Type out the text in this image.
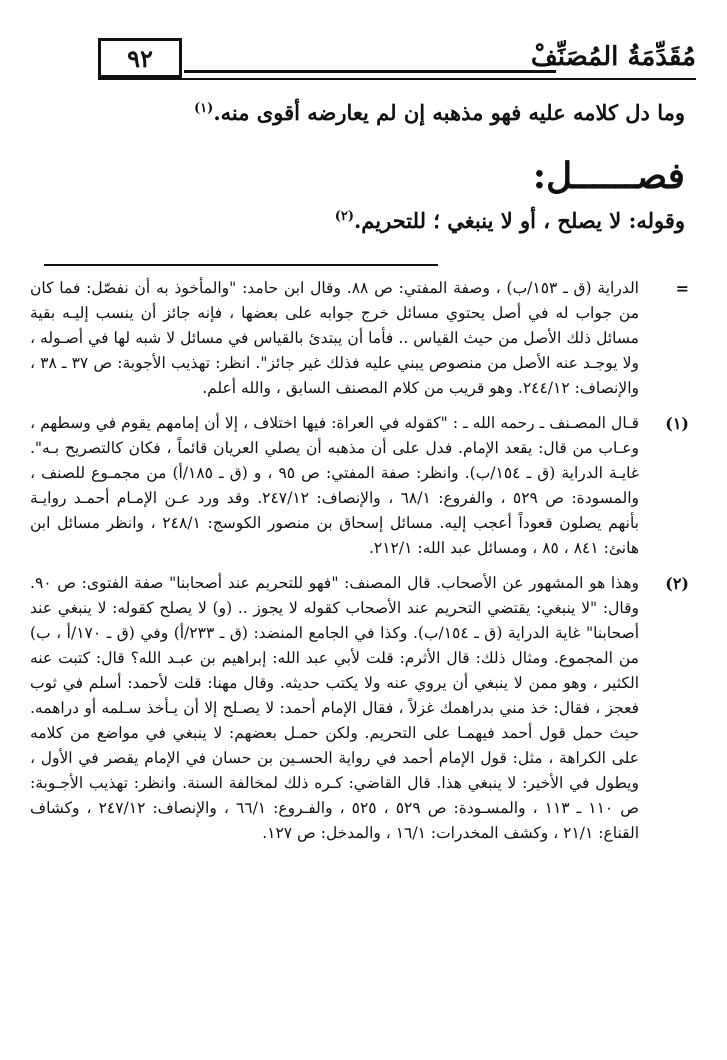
٩٢	مُقَدِّمَةُ المُصَنِّفْ
وما دل كلامه عليه فهو مذهبه إن لم يعارضه أقوى منه.$^{(١)}$
فصــــــل:
وقوله: لا يصلح ، أو لا ينبغي ؛ للتحريم.$^{(٢)}$
=
الدراية (ق ـ ١٥٣/ب) ، وصفة المفتي: ص ٨٨. وقال ابن حامد: "والمأخوذ به أن نفصّل: فما كان من جواب له في أصل يحتوي مسائل خرج جوابه على بعضها ، فإنه جائز أن ينسب إليـه بقية مسائل ذلك الأصل من حيث القياس .. فأما أن يبتدئ بالقياس في مسائل لا شبه لها في أصـوله ، ولا يوجـد عنه الأصل من منصوص يبني عليه فذلك غير جائز". انظر: تهذيب الأجوبة: ص ٣٧ ـ ٣٨ ، والإنصاف: ٢٤٤/١٢. وهو قريب من كلام المصنف السابق ، والله أعلم.
(١)
قـال المصـنف ـ رحمه الله ـ : "كقوله في العراة: فيها اختلاف ، إلا أن إمامهم يقوم في وسطهم ، وعـاب من قال: يقعد الإمام. فدل على أن مذهبه أن يصلي العريان قائماً ، فكان كالتصريح بـه". غايـة الدراية (ق ـ ١٥٤/ب). وانظر: صفة المفتي: ص ٩٥ ، و (ق ـ ١٨٥/أ) من مجمـوع للصنف ، والمسودة: ص ٥٢٩ ، والفروع: ٦٨/١ ، والإنصاف: ٢٤٧/١٢. وقد ورد عـن الإمـام أحمـد روايـة بأنهم يصلون قعوداً أعجب إليه. مسائل إسحاق بن منصور الكوسج: ٢٤٨/١ ، وانظر مسائل ابن هانئ: ٨٤١ ، ٨٥ ، ومسائل عبد الله: ٢١٢/١.
(٢)
وهذا هو المشهور عن الأصحاب. قال المصنف: "فهو للتحريم عند أصحابنا" صفة الفتوى: ص ٩٠. وقال: "لا ينبغي: يقتضي التحريم عند الأصحاب كقوله لا يجوز .. (و) لا يصلح كقوله: لا ينبغي عند أصحابنا" غاية الدراية (ق ـ ١٥٤/ب). وكذا في الجامع المنضد: (ق ـ ٢٣٣/أ) وفي (ق ـ ١٧٠/أ ، ب) من المجموع. ومثال ذلك: قال الأثرم: قلت لأبي عبد الله: إبراهيم بن عبـد الله؟ قال: كتبت عنه الكثير ، وهو ممن لا ينبغي أن يروي عنه ولا يكتب حديثه. وقال مهنا: قلت لأحمد: أسلم في ثوب فعجز ، فقال: خذ مني بدراهمك غزلاً ، فقال الإمام أحمد: لا يصـلح إلا أن يـأخذ سـلمه أو دراهمه. حيث حمل قول أحمد فيهمـا على التحريم. ولكن حمـل بعضهم: لا ينبغي في مواضع من كلامه على الكراهة ، مثل: قول الإمام أحمد في رواية الحسـين بن حسان في الإمام يقصر في الأول ، ويطول في الأخير: لا ينبغي هذا. قال القاضي: كـره ذلك لمخالفة السنة. وانظر: تهذيب الأجـوبة: ص ١١٠ ـ ١١٣ ، والمسـودة: ص ٥٢٩ ، ٥٢٥ ، والفـروع: ٦٦/١ ، والإنصاف: ٢٤٧/١٢ ، وكشاف القناع: ٢١/١ ، وكشف المخدرات: ١٦/١ ، والمدخل: ص ١٢٧.
